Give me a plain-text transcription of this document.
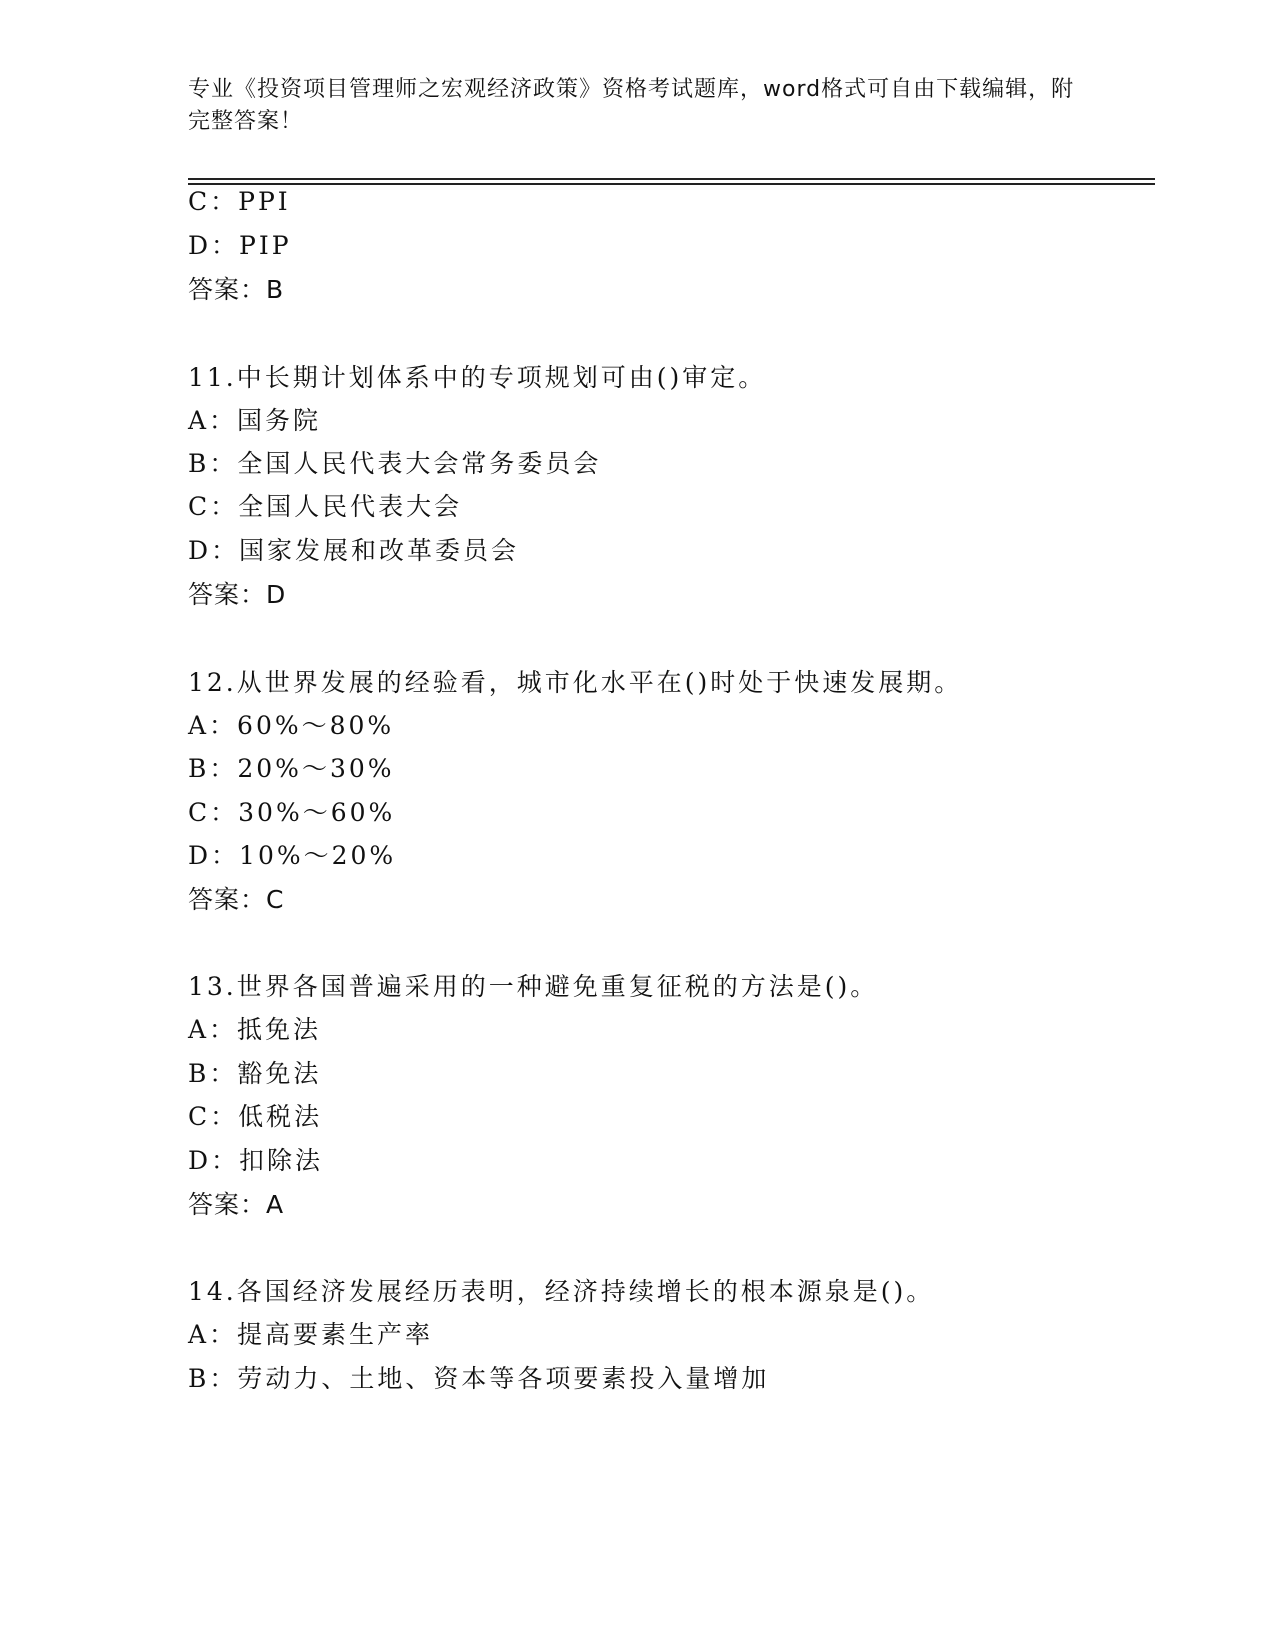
专业《投资项目管理师之宏观经济政策》资格考试题库，word格式可自由下载编辑，附完整答案！
C：PPI
D：PIP
答案：B
11.中长期计划体系中的专项规划可由()审定。
A：国务院
B：全国人民代表大会常务委员会
C：全国人民代表大会
D：国家发展和改革委员会
答案：D
12.从世界发展的经验看，城市化水平在()时处于快速发展期。
A：60%～80%
B：20%～30%
C：30%～60%
D：10%～20%
答案：C
13.世界各国普遍采用的一种避免重复征税的方法是()。
A：抵免法
B：豁免法
C：低税法
D：扣除法
答案：A
14.各国经济发展经历表明，经济持续增长的根本源泉是()。
A：提高要素生产率
B：劳动力、土地、资本等各项要素投入量增加
